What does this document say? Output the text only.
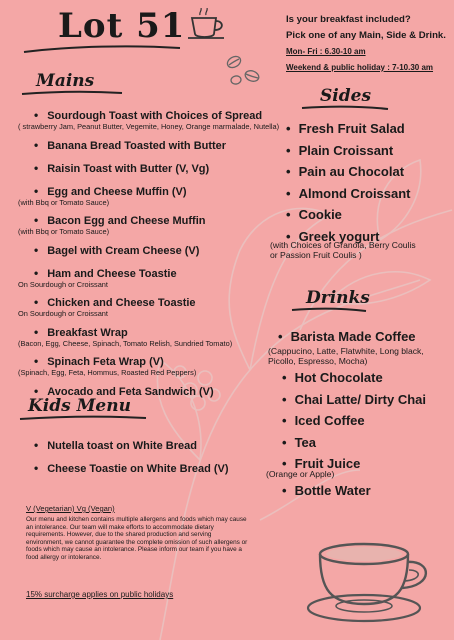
Lot 51	Is your breakfast included?
Pick one of any Main, Side & Drink.
Mon- Fri : 6.30-10 am
Weekend & public holiday : 7-10.30 am
Mains
• Sourdough Toast with Choices of Spread
( strawberry Jam, Peanut Butter, Vegemite, Honey, Orange marmalade, Nutella)
• Banana Bread Toasted with Butter
• Raisin Toast with Butter (V, Vg)
• Egg and Cheese Muffin (V)
(with Bbq or Tomato Sauce)
• Bacon Egg and Cheese Muffin
(with Bbq or Tomato Sauce)
• Bagel with Cream Cheese (V)
• Ham and Cheese Toastie
On Sourdough or Croissant
• Chicken and Cheese Toastie
On Sourdough or Croissant
• Breakfast Wrap
(Bacon, Egg, Cheese, Spinach, Tomato Relish, Sundried Tomato)
• Spinach Feta Wrap (V)
(Spinach, Egg, Feta, Hommus, Roasted Red Peppers)
• Avocado and Feta Sandwich (V)
Kids Menu
• Nutella toast on White Bread
• Cheese Toastie on White Bread (V)
Sides
• Fresh Fruit Salad
• Plain Croissant
• Pain au Chocolat
• Almond Croissant
• Cookie
• Greek yogurt
(with Choices of Granola, Berry Coulis or Passion Fruit Coulis )
Drinks
• Barista Made Coffee
(Cappucino, Latte, Flatwhite, Long black, Picollo, Espresso, Mocha)
• Hot Chocolate
• Chai Latte/ Dirty Chai
• Iced Coffee
• Tea
• Fruit Juice
(Orange or Apple)
• Bottle Water
V (Vegetarian) Vg (Vegan)
Our menu and kitchen contains multiple allergens and foods which may cause an intolerance. Our team will make efforts to accommodate dietary requirements. However, due to the shared production and serving environment, we cannot guarantee the complete omission of such allergens or foods which may cause an intolerance. Please inform our team if you have a food allergy or intolerance.
15% surcharge applies on public holidays
